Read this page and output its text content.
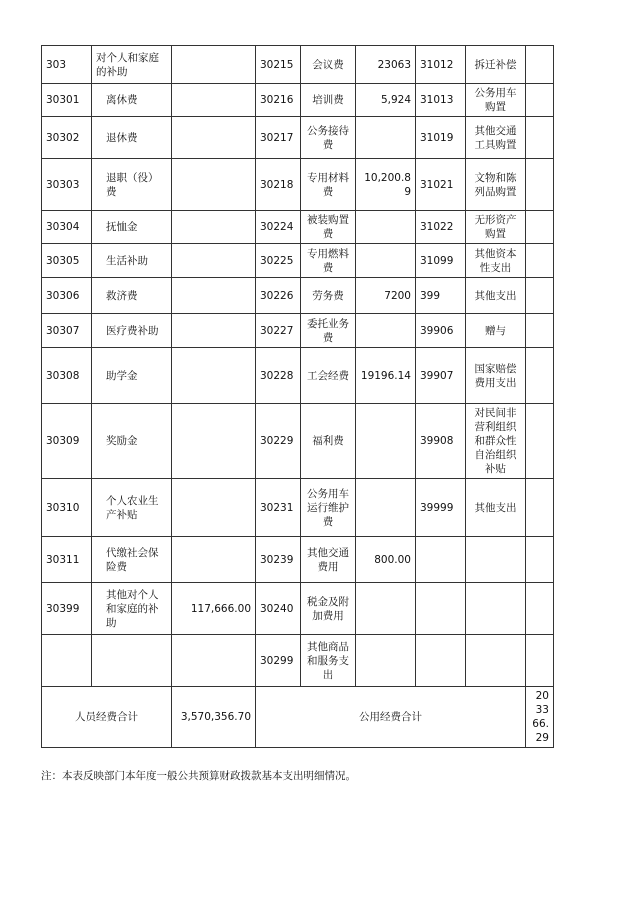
303	对个人和家庭的补助		30215	会议费	23063	31012	拆迁补偿	
30301	离休费		30216	培训费	5,924	31013	公务用车购置	
30302	退休费		30217	公务接待费		31019	其他交通工具购置	
30303	退职（役）费		30218	专用材料费	10,200.89	31021	文物和陈列品购置	
30304	抚恤金		30224	被装购置费		31022	无形资产购置	
30305	生活补助		30225	专用燃料费		31099	其他资本性支出	
30306	救济费		30226	劳务费	7200	399	其他支出	
30307	医疗费补助		30227	委托业务费		39906	赠与	
30308	助学金		30228	工会经费	19196.14	39907	国家赔偿费用支出	
30309	奖励金		30229	福利费		39908	对民间非营利组织和群众性自治组织补贴	
30310	个人农业生产补贴		30231	公务用车运行维护费		39999	其他支出	
30311	代缴社会保险费		30239	其他交通费用	800.00			
30399	其他对个人和家庭的补助	117,666.00	30240	税金及附加费用				
			30299	其他商品和服务支出				
人员经费合计		3,570,356.70	公用经费合计					203366.29
注：本表反映部门本年度一般公共预算财政拨款基本支出明细情况。
